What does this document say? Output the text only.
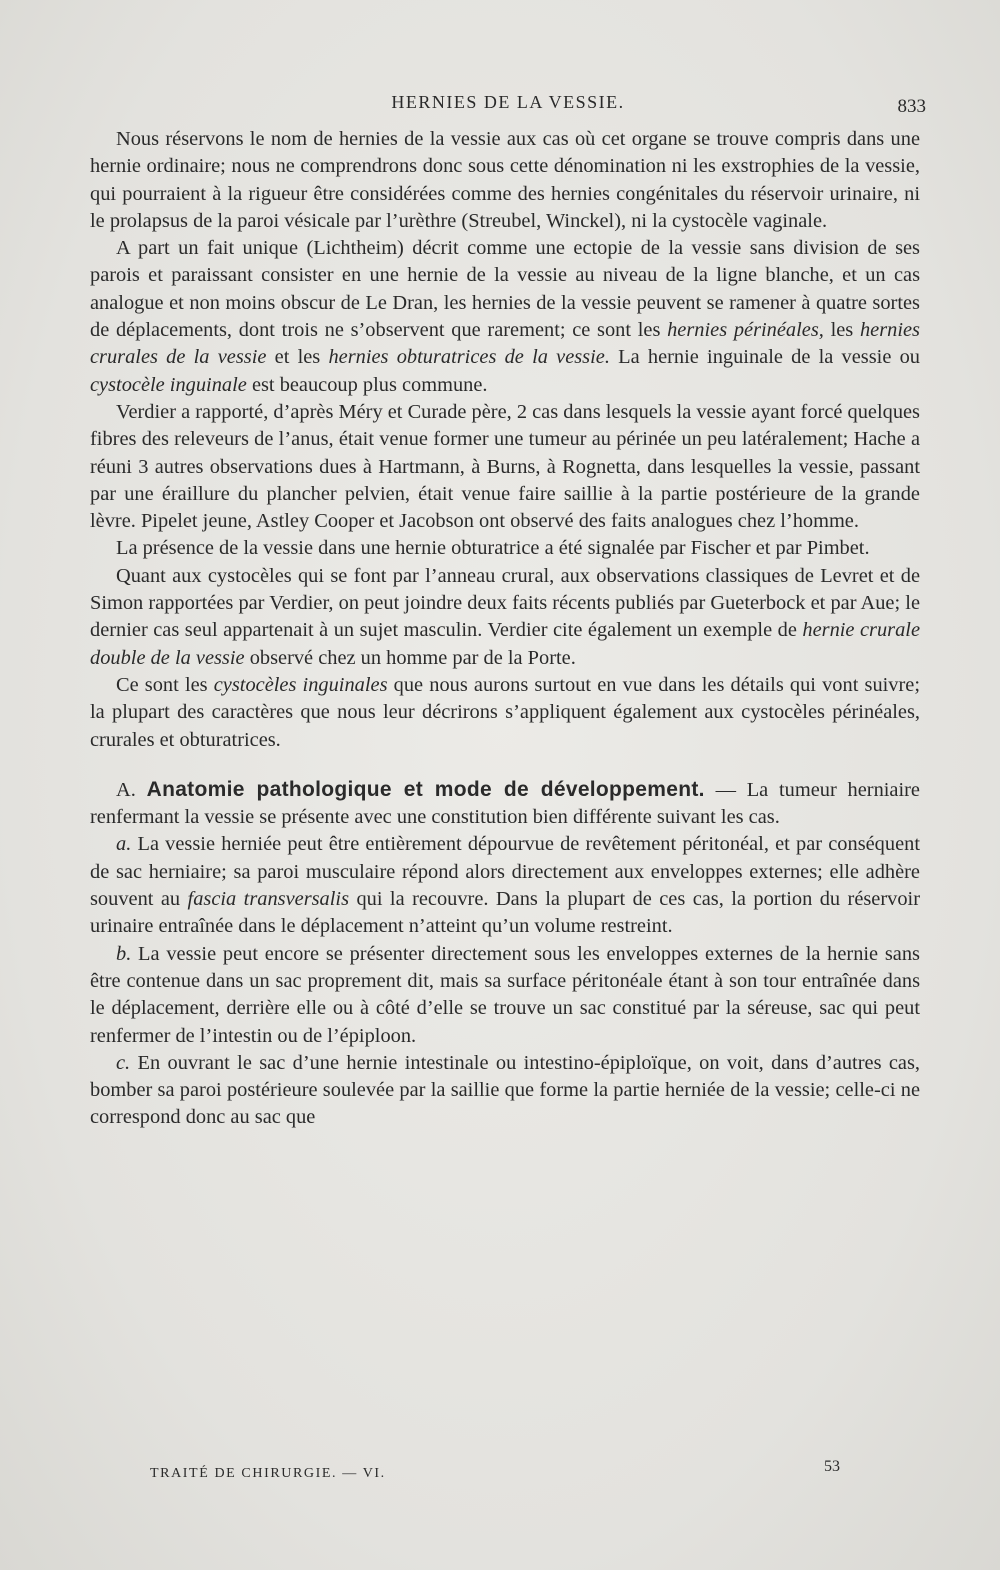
HERNIES DE LA VESSIE.	833

Nous réservons le nom de hernies de la vessie aux cas où cet organe se trouve compris dans une hernie ordinaire; nous ne comprendrons donc sous cette dénomination ni les exstrophies de la vessie, qui pourraient à la rigueur être considérées comme des hernies congénitales du réservoir urinaire, ni le prolapsus de la paroi vésicale par l’urèthre (Streubel, Winckel), ni la cystocèle vaginale.

A part un fait unique (Lichtheim) décrit comme une ectopie de la vessie sans division de ses parois et paraissant consister en une hernie de la vessie au niveau de la ligne blanche, et un cas analogue et non moins obscur de Le Dran, les hernies de la vessie peuvent se ramener à quatre sortes de déplacements, dont trois ne s’observent que rarement; ce sont les hernies périnéales, les hernies crurales de la vessie et les hernies obturatrices de la vessie. La hernie inguinale de la vessie ou cystocèle inguinale est beaucoup plus commune.

Verdier a rapporté, d’après Méry et Curade père, 2 cas dans lesquels la vessie ayant forcé quelques fibres des releveurs de l’anus, était venue former une tumeur au périnée un peu latéralement; Hache a réuni 3 autres observations dues à Hartmann, à Burns, à Rognetta, dans lesquelles la vessie, passant par une éraillure du plancher pelvien, était venue faire saillie à la partie postérieure de la grande lèvre. Pipelet jeune, Astley Cooper et Jacobson ont observé des faits analogues chez l’homme.

La présence de la vessie dans une hernie obturatrice a été signalée par Fischer et par Pimbet.

Quant aux cystocèles qui se font par l’anneau crural, aux observations classiques de Levret et de Simon rapportées par Verdier, on peut joindre deux faits récents publiés par Gueterbock et par Aue; le dernier cas seul appartenait à un sujet masculin. Verdier cite également un exemple de hernie crurale double de la vessie observé chez un homme par de la Porte.

Ce sont les cystocèles inguinales que nous aurons surtout en vue dans les détails qui vont suivre; la plupart des caractères que nous leur décrirons s’appliquent également aux cystocèles périnéales, crurales et obturatrices.

A. Anatomie pathologique et mode de développement. — La tumeur herniaire renfermant la vessie se présente avec une constitution bien différente suivant les cas.

a. La vessie herniée peut être entièrement dépourvue de revêtement péritonéal, et par conséquent de sac herniaire; sa paroi musculaire répond alors directement aux enveloppes externes; elle adhère souvent au fascia transversalis qui la recouvre. Dans la plupart de ces cas, la portion du réservoir urinaire entraînée dans le déplacement n’atteint qu’un volume restreint.

b. La vessie peut encore se présenter directement sous les enveloppes externes de la hernie sans être contenue dans un sac proprement dit, mais sa surface péritonéale étant à son tour entraînée dans le déplacement, derrière elle ou à côté d’elle se trouve un sac constitué par la séreuse, sac qui peut renfermer de l’intestin ou de l’épiploon.

c. En ouvrant le sac d’une hernie intestinale ou intestino-épiploïque, on voit, dans d’autres cas, bomber sa paroi postérieure soulevée par la saillie que forme la partie herniée de la vessie; celle-ci ne correspond donc au sac que

TRAITÉ DE CHIRURGIE. — VI.	53
